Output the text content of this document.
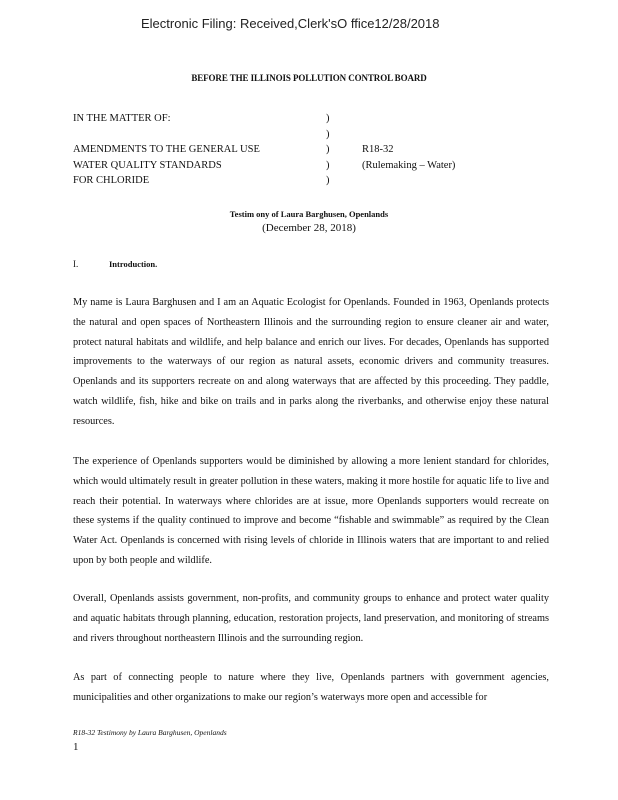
Electronic Filing: Received,Clerk'sO ffice12/28/2018
BEFORE THE ILLINOIS POLLUTION CONTROL BOARD
IN THE MATTER OF:

AMENDMENTS TO THE GENERAL USE
WATER QUALITY STANDARDS
FOR CHLORIDE
)
)
)
)
)
R18-32
(Rulemaking – Water)
Testim ony of Laura Barghusen, Openlands
(December 28, 2018)
I.	Introduction.

My name is Laura Barghusen and I am an Aquatic Ecologist for Openlands. Founded in 1963, Openlands protects the natural and open spaces of Northeastern Illinois and the surrounding region to ensure cleaner air and water, protect natural habitats and wildlife, and help balance and enrich our lives. For decades, Openlands has supported improvements to the waterways of our region as natural assets, economic drivers and community treasures. Openlands and its supporters recreate on and along waterways that are affected by this proceeding. They paddle, watch wildlife, fish, hike and bike on trails and in parks along the riverbanks, and otherwise enjoy these natural resources.

The experience of Openlands supporters would be diminished by allowing a more lenient standard for chlorides, which would ultimately result in greater pollution in these waters, making it more hostile for aquatic life to live and reach their potential. In waterways where chlorides are at issue, more Openlands supporters would recreate on these systems if the quality continued to improve and become “fishable and swimmable” as required by the Clean Water Act. Openlands is concerned with rising levels of chloride in Illinois waters that are important to and relied upon by both people and wildlife.

Overall, Openlands assists government, non-profits, and community groups to enhance and protect water quality and aquatic habitats through planning, education, restoration projects, land preservation, and monitoring of streams and rivers throughout northeastern Illinois and the surrounding region.

As part of connecting people to nature where they live, Openlands partners with government agencies, municipalities and other organizations to make our region’s waterways more open and accessible for

R18-32 Testimony by Laura Barghusen, Openlands
1
